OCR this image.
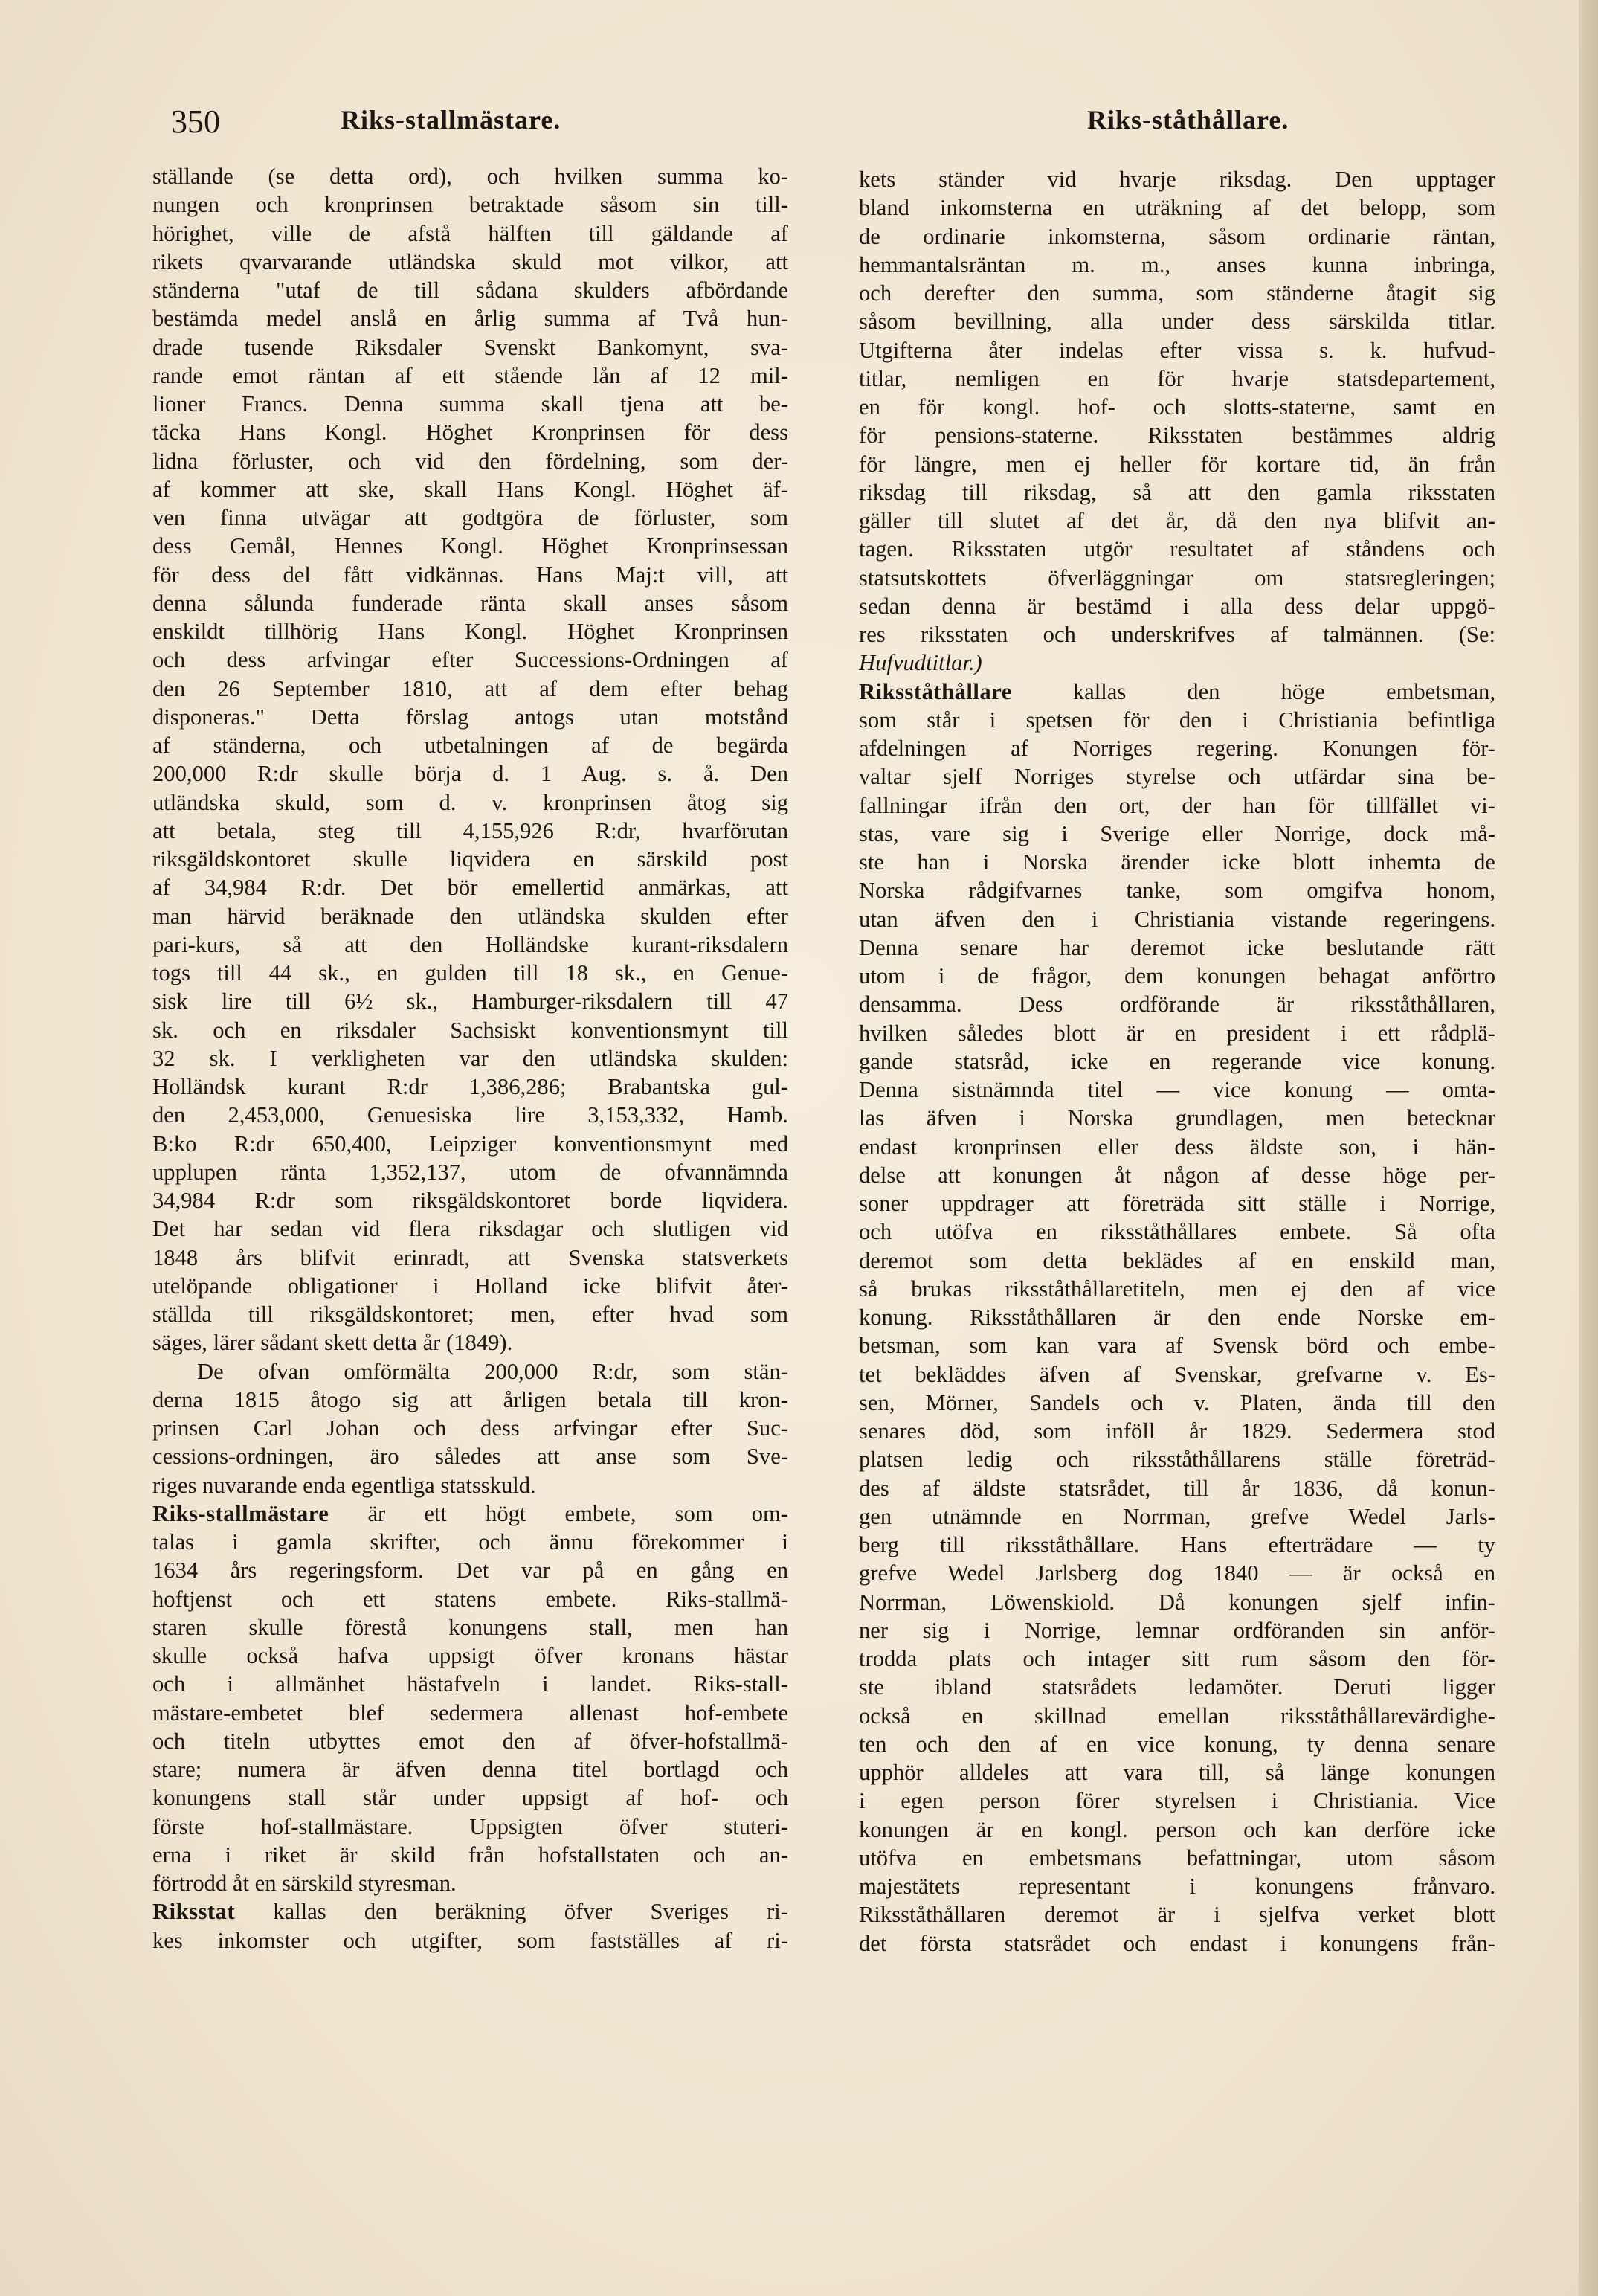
350	Riks-stallmästare.	Riks-ståthållare.
ställande (se detta ord), och hvilken summa ko-
nungen och kronprinsen betraktade såsom sin till-
hörighet, ville de afstå hälften till gäldande af
rikets qvarvarande utländska skuld mot vilkor, att
ständerna "utaf de till sådana skulders afbördande
bestämda medel anslå en årlig summa af Två hun-
drade tusende Riksdaler Svenskt Bankomynt, sva-
rande emot räntan af ett stående lån af 12 mil-
lioner Francs. Denna summa skall tjena att be-
täcka Hans Kongl. Höghet Kronprinsen för dess
lidna förluster, och vid den fördelning, som der-
af kommer att ske, skall Hans Kongl. Höghet äf-
ven finna utvägar att godtgöra de förluster, som
dess Gemål, Hennes Kongl. Höghet Kronprinsessan
för dess del fått vidkännas. Hans Maj:t vill, att
denna sålunda funderade ränta skall anses såsom
enskildt tillhörig Hans Kongl. Höghet Kronprinsen
och dess arfvingar efter Successions-Ordningen af
den 26 September 1810, att af dem efter behag
disponeras." Detta förslag antogs utan motstånd
af ständerna, och utbetalningen af de begärda
200,000 R:dr skulle börja d. 1 Aug. s. å. Den
utländska skuld, som d. v. kronprinsen åtog sig
att betala, steg till 4,155,926 R:dr, hvarförutan
riksgäldskontoret skulle liqvidera en särskild post
af 34,984 R:dr. Det bör emellertid anmärkas, att
man härvid beräknade den utländska skulden efter
pari-kurs, så att den Holländske kurant-riksdalern
togs till 44 sk., en gulden till 18 sk., en Genue-
sisk lire till 6½ sk., Hamburger-riksdalern till 47
sk. och en riksdaler Sachsiskt konventionsmynt till
32 sk. I verkligheten var den utländska skulden:
Holländsk kurant R:dr 1,386,286; Brabantska gul-
den 2,453,000, Genuesiska lire 3,153,332, Hamb.
B:ko R:dr 650,400, Leipziger konventionsmynt med
upplupen ränta 1,352,137, utom de ofvannämnda
34,984 R:dr som riksgäldskontoret borde liqvidera.
Det har sedan vid flera riksdagar och slutligen vid
1848 års blifvit erinradt, att Svenska statsverkets
utelöpande obligationer i Holland icke blifvit åter-
ställda till riksgäldskontoret; men, efter hvad som
säges, lärer sådant skett detta år (1849).
De ofvan omförmälta 200,000 R:dr, som stän-
derna 1815 åtogo sig att årligen betala till kron-
prinsen Carl Johan och dess arfvingar efter Suc-
cessions-ordningen, äro således att anse som Sve-
riges nuvarande enda egentliga statsskuld.
Riks-stallmästare är ett högt embete, som om-
talas i gamla skrifter, och ännu förekommer i
1634 års regeringsform. Det var på en gång en
hoftjenst och ett statens embete. Riks-stallmä-
staren skulle förestå konungens stall, men han
skulle också hafva uppsigt öfver kronans hästar
och i allmänhet hästafveln i landet. Riks-stall-
mästare-embetet blef sedermera allenast hof-embete
och titeln utbyttes emot den af öfver-hofstallmä-
stare; numera är äfven denna titel bortlagd och
konungens stall står under uppsigt af hof- och
förste hof-stallmästare. Uppsigten öfver stuteri-
erna i riket är skild från hofstallstaten och an-
förtrodd åt en särskild styresman.
Riksstat kallas den beräkning öfver Sveriges ri-
kes inkomster och utgifter, som fastställes af ri-
kets ständer vid hvarje riksdag. Den upptager
bland inkomsterna en uträkning af det belopp, som
de ordinarie inkomsterna, såsom ordinarie räntan,
hemmantalsräntan m. m., anses kunna inbringa,
och derefter den summa, som ständerne åtagit sig
såsom bevillning, alla under dess särskilda titlar.
Utgifterna åter indelas efter vissa s. k. hufvud-
titlar, nemligen en för hvarje statsdepartement,
en för kongl. hof- och slotts-staterne, samt en
för pensions-staterne. Riksstaten bestämmes aldrig
för längre, men ej heller för kortare tid, än från
riksdag till riksdag, så att den gamla riksstaten
gäller till slutet af det år, då den nya blifvit an-
tagen. Riksstaten utgör resultatet af ståndens och
statsutskottets öfverläggningar om statsregleringen;
sedan denna är bestämd i alla dess delar uppgö-
res riksstaten och underskrifves af talmännen. (Se:
Hufvudtitlar.)
Riksståthållare kallas den höge embetsman,
som står i spetsen för den i Christiania befintliga
afdelningen af Norriges regering. Konungen för-
valtar sjelf Norriges styrelse och utfärdar sina be-
fallningar ifrån den ort, der han för tillfället vi-
stas, vare sig i Sverige eller Norrige, dock må-
ste han i Norska ärender icke blott inhemta de
Norska rådgifvarnes tanke, som omgifva honom,
utan äfven den i Christiania vistande regeringens.
Denna senare har deremot icke beslutande rätt
utom i de frågor, dem konungen behagat anförtro
densamma. Dess ordförande är riksståthållaren,
hvilken således blott är en president i ett rådplä-
gande statsråd, icke en regerande vice konung.
Denna sistnämnda titel — vice konung — omta-
las äfven i Norska grundlagen, men betecknar
endast kronprinsen eller dess äldste son, i hän-
delse att konungen åt någon af desse höge per-
soner uppdrager att företräda sitt ställe i Norrige,
och utöfva en riksståthållares embete. Så ofta
deremot som detta beklädes af en enskild man,
så brukas riksståthållaretiteln, men ej den af vice
konung. Riksståthållaren är den ende Norske em-
betsman, som kan vara af Svensk börd och embe-
tet bekläddes äfven af Svenskar, grefvarne v. Es-
sen, Mörner, Sandels och v. Platen, ända till den
senares död, som inföll år 1829. Sedermera stod
platsen ledig och riksståthållarens ställe företräd-
des af äldste statsrådet, till år 1836, då konun-
gen utnämnde en Norrman, grefve Wedel Jarls-
berg till riksståthållare. Hans efterträdare — ty
grefve Wedel Jarlsberg dog 1840 — är också en
Norrman, Löwenskiold. Då konungen sjelf infin-
ner sig i Norrige, lemnar ordföranden sin anför-
trodda plats och intager sitt rum såsom den för-
ste ibland statsrådets ledamöter. Deruti ligger
också en skillnad emellan riksståthållarevärdighe-
ten och den af en vice konung, ty denna senare
upphör alldeles att vara till, så länge konungen
i egen person förer styrelsen i Christiania. Vice
konungen är en kongl. person och kan derföre icke
utöfva en embetsmans befattningar, utom såsom
majestätets representant i konungens frånvaro.
Riksståthållaren deremot är i sjelfva verket blott
det första statsrådet och endast i konungens från-
